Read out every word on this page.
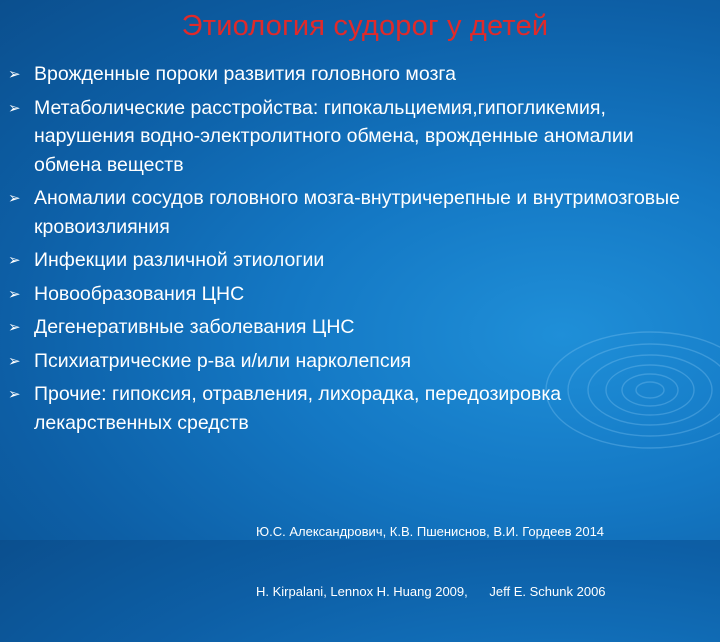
Этиология судорог у детей
➢ Врожденные пороки развития головного мозга
➢ Метаболические расстройства: гипокальциемия,гипогликемия, нарушения водно-электролитного обмена, врожденные аномалии обмена веществ
➢ Аномалии сосудов головного мозга-внутричерепные и внутримозговые кровоизлияния
➢ Инфекции различной этиологии
➢ Новообразования ЦНС
➢ Дегенеративные заболевания ЦНС
➢ Психиатрические р-ва и/или нарколепсия
➢ Прочие: гипоксия, отравления, лихорадка, передозировка лекарственных средств

Ю.С. Александрович, К.В. Пшениснов, В.И. Гордеев 2014

H. Kirpalani, Lennox H. Huang 2009,      Jeff E. Schunk 2006
